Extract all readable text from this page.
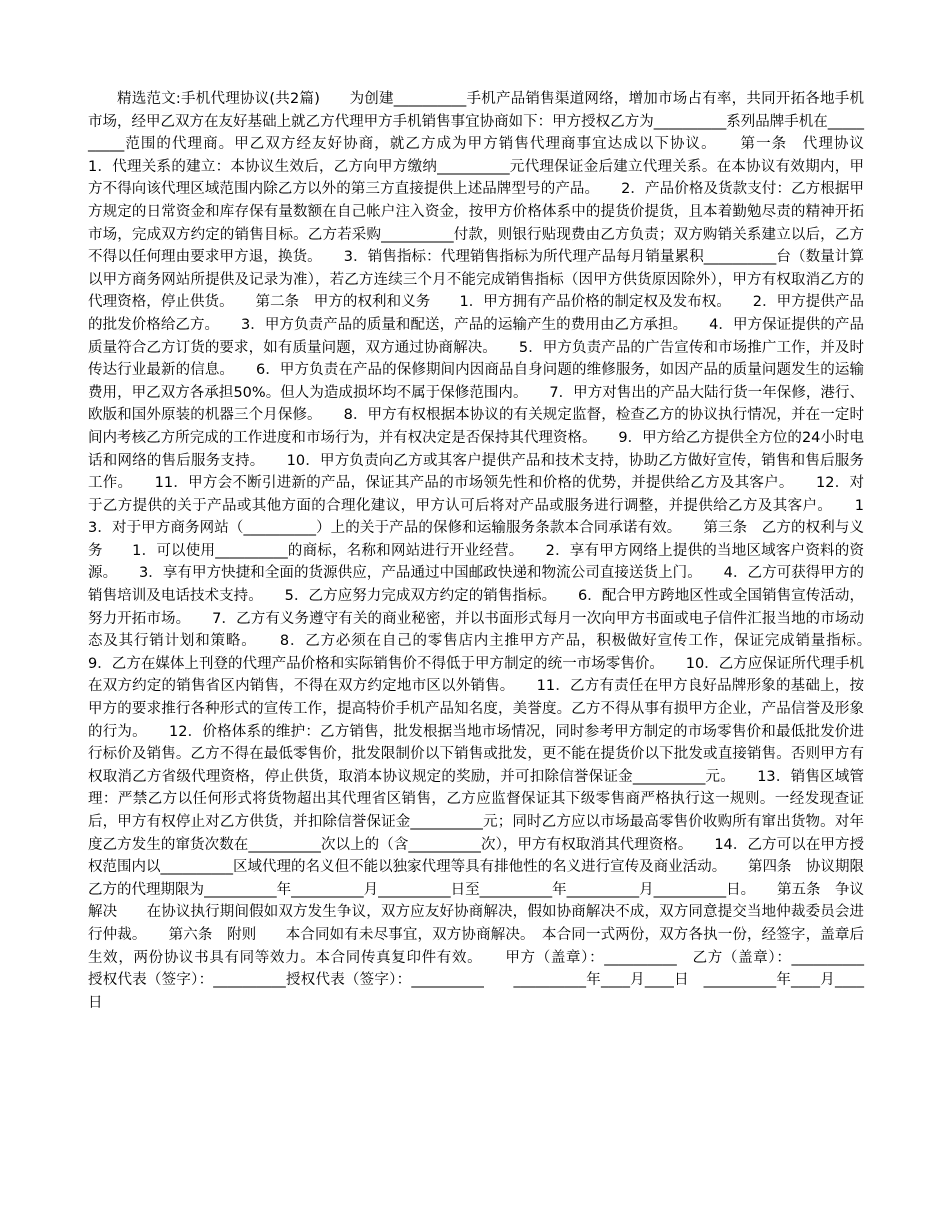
精选范文:手机代理协议(共2篇)　　为创建__________手机产品销售渠道网络，增加市场占有率，共同开拓各地手机市场，经甲乙双方在友好基础上就乙方代理甲方手机销售事宜协商如下：甲方授权乙方为__________系列品牌手机在__________范围的代理商。甲乙双方经友好协商，就乙方成为甲方销售代理商事宜达成以下协议。　　第一条　代理协议　　1．代理关系的建立：本协议生效后，乙方向甲方缴纳__________元代理保证金后建立代理关系。在本协议有效期内，甲方不得向该代理区域范围内除乙方以外的第三方直接提供上述品牌型号的产品。　　2．产品价格及货款支付：乙方根据甲方规定的日常资金和库存保有量数额在自己帐户注入资金，按甲方价格体系中的提货价提货，且本着勤勉尽责的精神开拓市场，完成双方约定的销售目标。乙方若采购__________付款，则银行贴现费由乙方负责；双方购销关系建立以后，乙方不得以任何理由要求甲方退，换货。　　3．销售指标：代理销售指标为所代理产品每月销量累积__________台（数量计算以甲方商务网站所提供及记录为准），若乙方连续三个月不能完成销售指标（因甲方供货原因除外），甲方有权取消乙方的代理资格，停止供货。　　第二条　甲方的权利和义务　　1．甲方拥有产品价格的制定权及发布权。　　2．甲方提供产品的批发价格给乙方。　　3．甲方负责产品的质量和配送，产品的运输产生的费用由乙方承担。　　4．甲方保证提供的产品质量符合乙方订货的要求，如有质量问题，双方通过协商解决。　　5．甲方负责产品的广告宣传和市场推广工作，并及时传达行业最新的信息。　　6．甲方负责在产品的保修期间内因商品自身问题的维修服务，如因产品的质量问题发生的运输费用，甲乙双方各承担50%。但人为造成损坏均不属于保修范围内。　　7．甲方对售出的产品大陆行货一年保修，港行、欧版和国外原装的机器三个月保修。　　8．甲方有权根据本协议的有关规定监督，检查乙方的协议执行情况，并在一定时间内考核乙方所完成的工作进度和市场行为，并有权决定是否保持其代理资格。　　9．甲方给乙方提供全方位的24小时电话和网络的售后服务支持。　　10．甲方负责向乙方或其客户提供产品和技术支持，协助乙方做好宣传，销售和售后服务工作。　　11．甲方会不断引进新的产品，保证其产品的市场领先性和价格的优势，并提供给乙方及其客户。　　12．对于乙方提供的关于产品或其他方面的合理化建议，甲方认可后将对产品或服务进行调整，并提供给乙方及其客户。　　13．对于甲方商务网站（__________）上的关于产品的保修和运输服务条款本合同承诺有效。　　第三条　乙方的权利与义务　　1．可以使用__________的商标，名称和网站进行开业经营。　　2．享有甲方网络上提供的当地区域客户资料的资源。　　3．享有甲方快捷和全面的货源供应，产品通过中国邮政快递和物流公司直接送货上门。　　4．乙方可获得甲方的销售培训及电话技术支持。　　5．乙方应努力完成双方约定的销售指标。　　6．配合甲方跨地区性或全国销售宣传活动，努力开拓市场。　　7．乙方有义务遵守有关的商业秘密，并以书面形式每月一次向甲方书面或电子信件汇报当地的市场动态及其行销计划和策略。　　8．乙方必须在自己的零售店内主推甲方产品，积极做好宣传工作，保证完成销量指标。　　9．乙方在媒体上刊登的代理产品价格和实际销售价不得低于甲方制定的统一市场零售价。　　10．乙方应保证所代理手机在双方约定的销售省区内销售，不得在双方约定地市区以外销售。　　11．乙方有责任在甲方良好品牌形象的基础上，按甲方的要求推行各种形式的宣传工作，提高特价手机产品知名度，美誉度。乙方不得从事有损甲方企业，产品信誉及形象的行为。　　12．价格体系的维护：乙方销售，批发根据当地市场情况，同时参考甲方制定的市场零售价和最低批发价进行标价及销售。乙方不得在最低零售价，批发限制价以下销售或批发，更不能在提货价以下批发或直接销售。否则甲方有权取消乙方省级代理资格，停止供货，取消本协议规定的奖励，并可扣除信誉保证金__________元。　　13．销售区域管理：严禁乙方以任何形式将货物超出其代理省区销售，乙方应监督保证其下级零售商严格执行这一规则。一经发现查证后，甲方有权停止对乙方供货，并扣除信誉保证金__________元；同时乙方应以市场最高零售价收购所有窜出货物。对年度乙方发生的窜货次数在__________次以上的（含__________次），甲方有权取消其代理资格。　　14．乙方可以在甲方授权范围内以__________区域代理的名义但不能以独家代理等具有排他性的名义进行宣传及商业活动。　　第四条　协议期限　　乙方的代理期限为__________年__________月__________日至__________年__________月__________日。　　第五条　争议解决　　在协议执行期间假如双方发生争议，双方应友好协商解决，假如协商解决不成，双方同意提交当地仲裁委员会进行仲裁。　　第六条　附则　　本合同如有未尽事宜，双方协商解决。　本合同一式两份，双方各执一份，经签字，盖章后生效，两份协议书具有同等效力。本合同传真复印件有效。　　甲方（盖章）：__________　乙方（盖章）：__________　　授权代表（签字）：__________授权代表（签字）：__________　　__________年____月____日　__________年____月____日
